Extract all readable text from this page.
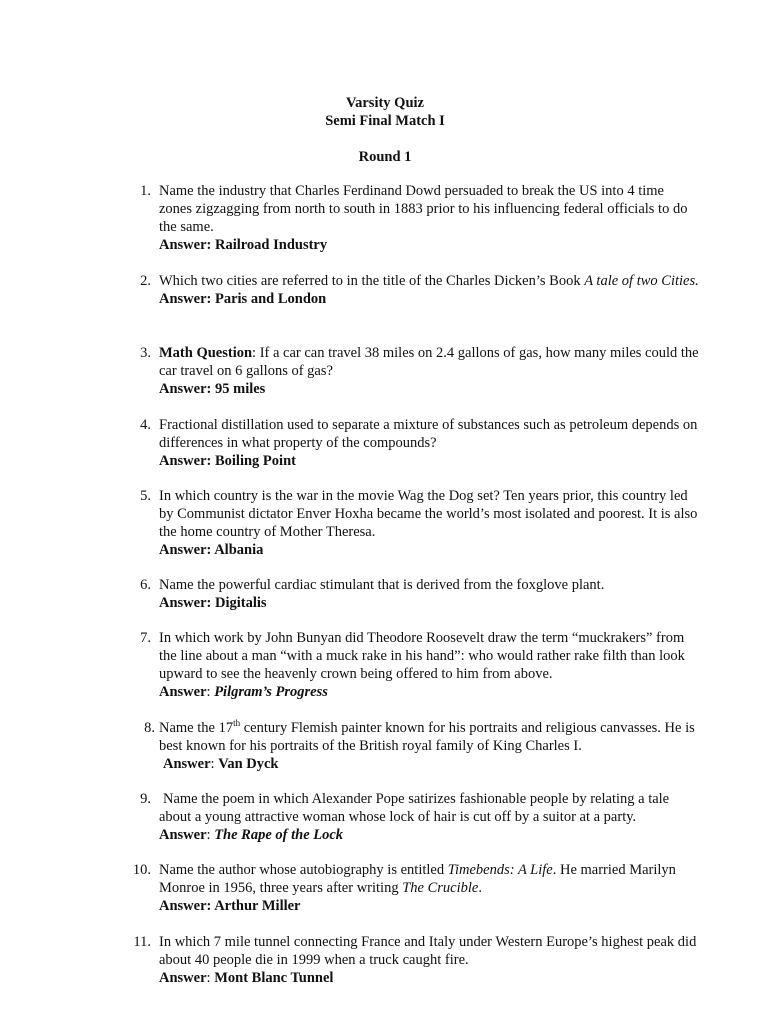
Varsity Quiz
Semi Final Match I
Round 1
1. Name the industry that Charles Ferdinand Dowd persuaded to break the US into 4 time zones zigzagging from north to south in 1883 prior to his influencing federal officials to do the same.
Answer: Railroad Industry
2. Which two cities are referred to in the title of the Charles Dicken’s Book A tale of two Cities.
Answer: Paris and London
3. Math Question: If a car can travel 38 miles on 2.4 gallons of gas, how many miles could the car travel on 6 gallons of gas?
Answer: 95 miles
4. Fractional distillation used to separate a mixture of substances such as petroleum depends on differences in what property of the compounds?
Answer: Boiling Point
5. In which country is the war in the movie Wag the Dog set? Ten years prior, this country led by Communist dictator Enver Hoxha became the world’s most isolated and poorest. It is also the home country of Mother Theresa.
Answer: Albania
6. Name the powerful cardiac stimulant that is derived from the foxglove plant.
Answer: Digitalis
7. In which work by John Bunyan did Theodore Roosevelt draw the term “muckrakers” from the line about a man “with a muck rake in his hand”: who would rather rake filth than look upward to see the heavenly crown being offered to him from above.
Answer: Pilgram’s Progress
8. Name the 17th century Flemish painter known for his portraits and religious canvasses. He is best known for his portraits of the British royal family of King Charles I.
Answer: Van Dyck
9. Name the poem in which Alexander Pope satirizes fashionable people by relating a tale about a young attractive woman whose lock of hair is cut off by a suitor at a party.
Answer: The Rape of the Lock
10. Name the author whose autobiography is entitled Timebends: A Life. He married Marilyn Monroe in 1956, three years after writing The Crucible.
Answer: Arthur Miller
11. In which 7 mile tunnel connecting France and Italy under Western Europe’s highest peak did about 40 people die in 1999 when a truck caught fire.
Answer: Mont Blanc Tunnel
